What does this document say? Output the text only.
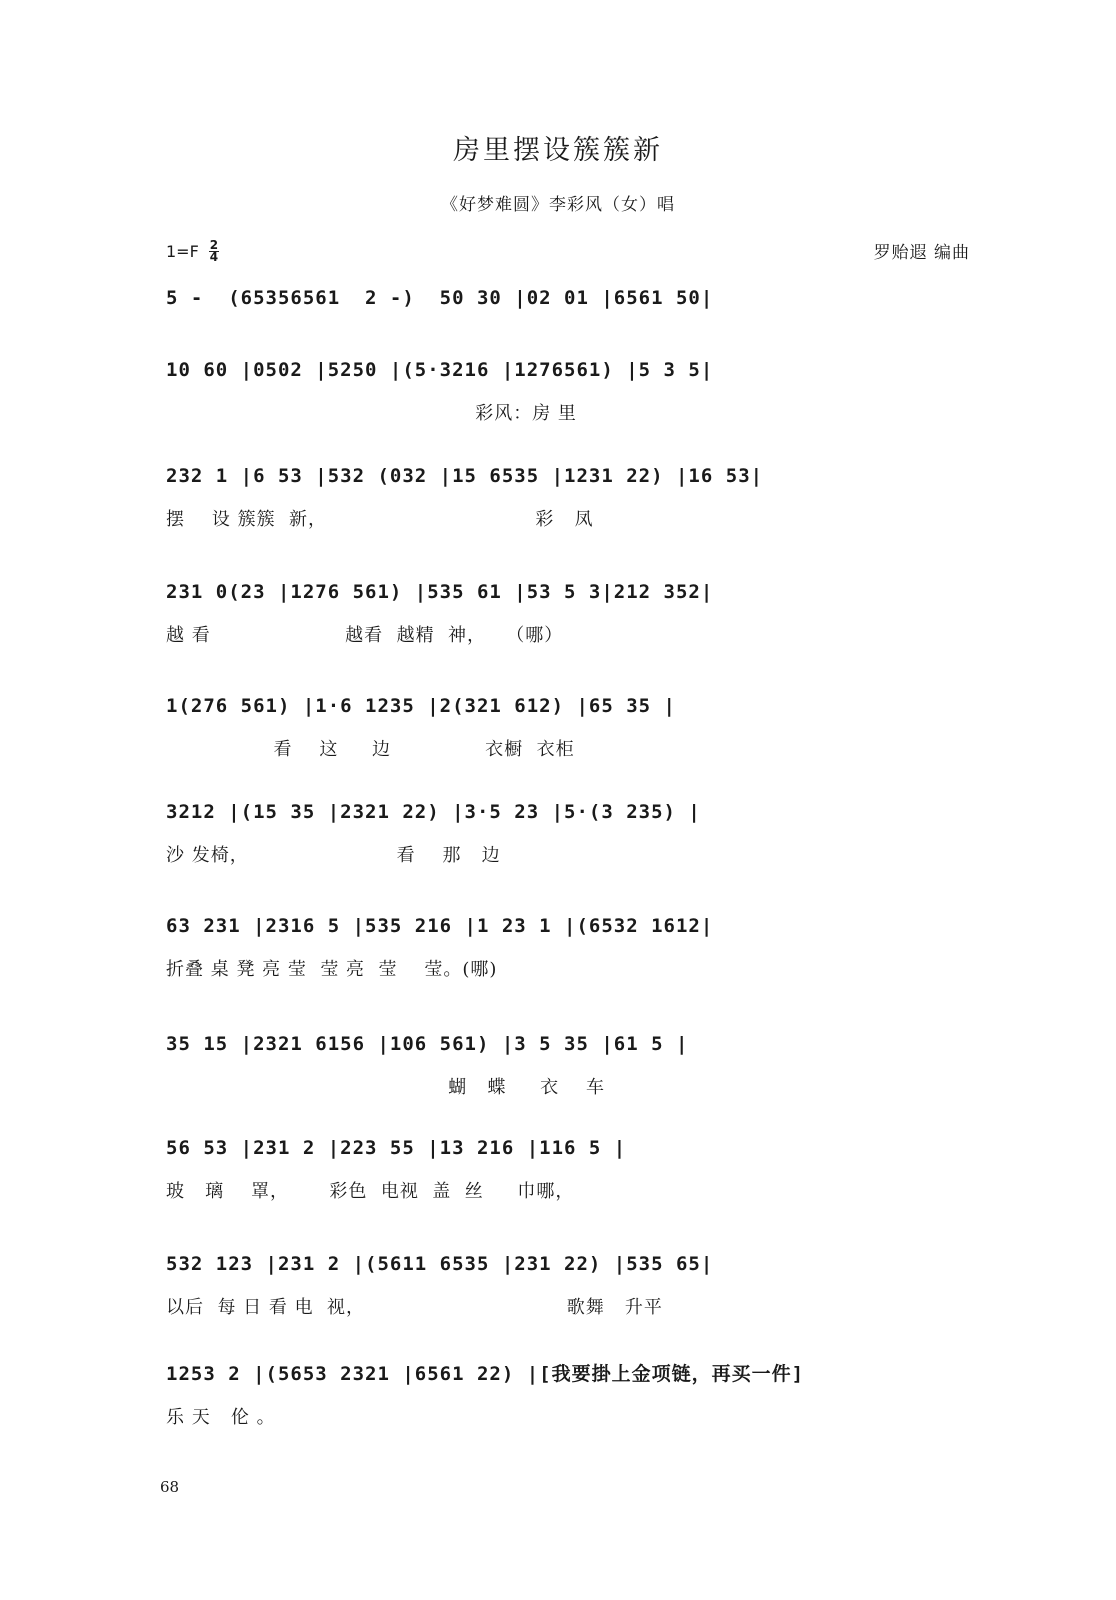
房里摆设簇簇新
《好梦难圆》李彩风（女）唱
1=F 2
4	罗贻遐 编曲
5 -  (65356561  2 -)  50 30 |02 01 |6561 50|
10 60 |0502 |5250 |(5·3216 |1276561) |5 3 5|
彩风：房 里
232 1 |6 53 |532 (032 |15 6535 |1231 22) |16 53|
摆    设 簇簇  新，                               彩   凤
231 0(23 |1276 561) |535 61 |53 5 3|212 352|
越 看                    越看  越精  神，   （哪）
1(276 561) |1·6 1235 |2(321 612) |65 35 |
看    这     边              衣橱  衣柜
3212 |(15 35 |2321 22) |3·5 23 |5·(3 235) |
沙 发椅，                      看    那   边
63 231 |2316 5 |535 216 |1 23 1 |(6532 1612|
折叠 桌 凳 亮 莹  莹 亮  莹    莹。(哪)
35 15 |2321 6156 |106 561) |3 5 35 |61 5 |
蝴   蝶     衣    车
56 53 |231 2 |223 55 |13 216 |116 5 |
玻   璃    罩，      彩色  电视  盖  丝     巾哪，
532 123 |231 2 |(5611 6535 |231 22) |535 65|
以后  每 日 看 电  视，                              歌舞   升平
1253 2 |(5653 2321 |6561 22) |[我要掛上金项链，再买一件]
乐 天   伦 。
68
